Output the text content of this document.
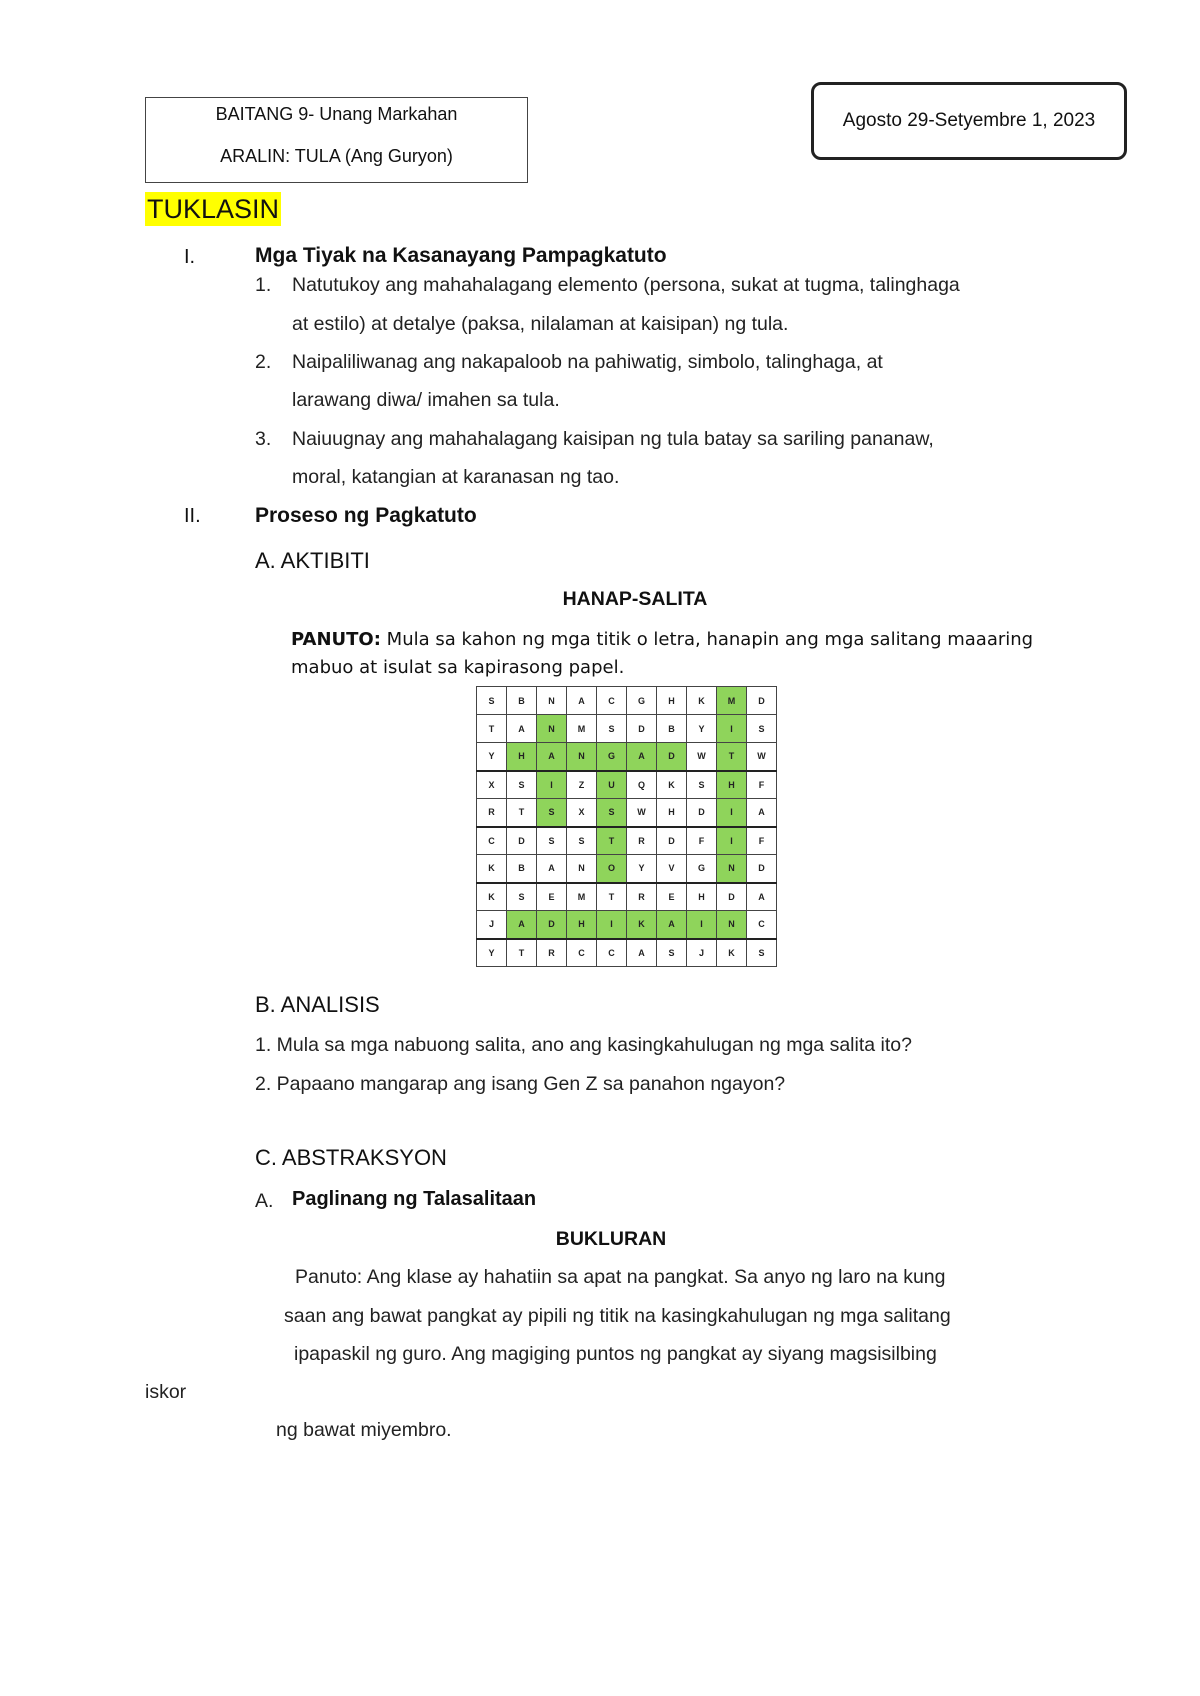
BAITANG 9- Unang Markahan
ARALIN: TULA (Ang Guryon)
Agosto 29-Setyembre 1, 2023
TUKLASIN
I.	Mga Tiyak na Kasanayang Pampagkatuto
1. Natutukoy ang mahahalagang elemento (persona, sukat at tugma, talinghaga
at estilo) at detalye (paksa, nilalaman at kaisipan) ng tula.
2. Naipaliliwanag ang nakapaloob na pahiwatig, simbolo, talinghaga, at
larawang diwa/ imahen sa tula.
3. Naiuugnay ang mahahalagang kaisipan ng tula batay sa sariling pananaw,
moral, katangian at karanasan ng tao.
II.	Proseso ng Pagkatuto
A. AKTIBITI
HANAP-SALITA
PANUTO: Mula sa kahon ng mga titik o letra, hanapin ang mga salitang maaaring mabuo at isulat sa kapirasong papel.
S	B	N	A	C	G	H	K	M	D
T	A	N	M	S	D	B	Y	I	S
Y	H	A	N	G	A	D	W	T	W
X	S	I	Z	U	Q	K	S	H	F
R	T	S	X	S	W	H	D	I	A
C	D	S	S	T	R	D	F	I	F
K	B	A	N	O	Y	V	G	N	D
K	S	E	M	T	R	E	H	D	A
J	A	D	H	I	K	A	I	N	C
Y	T	R	C	C	A	S	J	K	S
B. ANALISIS
1. Mula sa mga nabuong salita, ano ang kasingkahulugan ng mga salita ito?
2. Papaano mangarap ang isang Gen Z sa panahon ngayon?
C. ABSTRAKSYON
A. Paglinang ng Talasalitaan
BUKLURAN
Panuto: Ang klase ay hahatiin sa apat na pangkat. Sa anyo ng laro na kung
saan ang bawat pangkat ay pipili ng titik na kasingkahulugan ng mga salitang
ipapaskil ng guro. Ang magiging puntos ng pangkat ay siyang magsisilbing
iskor
ng bawat miyembro.
